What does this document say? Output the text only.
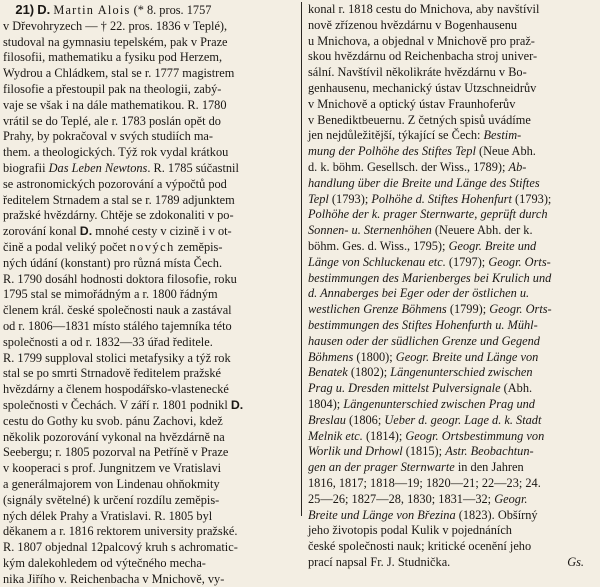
21) D. Martin Alois (* 8. pros. 1757
v Dřevohryzech — † 22. pros. 1836 v Teplé),
studoval na gymnasiu tepelském, pak v Praze
filosofii, mathematiku a fysiku pod Herzem,
Wydrou a Chládkem, stal se r. 1777 magistrem
filosofie a přestoupil pak na theologii, zabý-
vaje se však i na dále mathematikou. R. 1780
vrátil se do Teplé, ale r. 1783 poslán opět do
Prahy, by pokračoval v svých studiích ma-
them. a theologických. Týž rok vydal krátkou
biografii Das Leben Newtons. R. 1785 súčastnil
se astronomických pozorování a výpočtů pod
ředitelem Strnadem a stal se r. 1789 adjunktem
pražské hvězdárny. Chtěje se zdokonaliti v po-
zorování konal D. mnohé cesty v cizině i v ot-
čině a podal veliký počet nových zeměpis-
ných údání (konstant) pro různá místa Čech.
R. 1790 dosáhl hodnosti doktora filosofie, roku
1795 stal se mimořádným a r. 1800 řádným
členem král. české společnosti nauk a zastával
od r. 1806—1831 místo stálého tajemníka této
společnosti a od r. 1832—33 úřad ředitele.
R. 1799 supploval stolici metafysiky a týž rok
stal se po smrti Strnadově ředitelem pražské
hvězdárny a členem hospodářsko-vlastenecké
společnosti v Čechách. V září r. 1801 podnikl D.
cestu do Gothy ku svob. pánu Zachovi, kdež
několik pozorování vykonal na hvězdárně na
Seebergu; r. 1805 pozorval na Petříně v Praze
v kooperaci s prof. Jungnitzem ve Vratislavi
a generálmajorem von Lindenau ohňokmity
(signály světelné) k určení rozdílu zeměpis-
ných délek Prahy a Vratislavi. R. 1805 byl
děkanem a r. 1816 rektorem university pražské.
R. 1807 objednal 12palcový kruh s achromatic-
kým dalekohledem od výtečného mecha-
nika Jiřího v. Reichenbacha v Mnichově, vy-
konal r. 1818 cestu do Mnichova, aby navštívil
nově zřízenou hvězdárnu v Bogenhausenu
u Mnichova, a objednal v Mnichově pro praž-
skou hvězdárnu od Reichenbacha stroj univer-
sální. Navštívil několikráte hvězdárnu v Bo-
genhausenu, mechanický ústav Utzschneidrův
v Mnichově a optický ústav Fraunhoferův
v Benediktbeuernu. Z četných spisů uvádíme
jen nejdůležitější, týkající se Čech: Bestim-
mung der Polhöhe des Stiftes Tepl (Neue Abh.
d. k. böhm. Gesellsch. der Wiss., 1789); Ab-
handlung über die Breite und Länge des Stiftes
Tepl (1793); Polhöhe d. Stiftes Hohenfurt (1793);
Polhöhe der k. prager Sternwarte, geprüft durch
Sonnen- u. Sternenhöhen (Neuere Abh. der k.
böhm. Ges. d. Wiss., 1795); Geogr. Breite und
Länge von Schluckenau etc. (1797); Geogr. Orts-
bestimmungen des Marienberges bei Krulich und
d. Annaberges bei Eger oder der östlichen u.
westlichen Grenze Böhmens (1799); Geogr. Orts-
bestimmungen des Stiftes Hohenfurth u. Mühl-
hausen oder der südlichen Grenze und Gegend
Böhmens (1800); Geogr. Breite und Länge von
Benatek (1802); Längenunterschied zwischen
Prag u. Dresden mittelst Pulversignale (Abh.
1804); Längenunterschied zwischen Prag und
Breslau (1806; Ueber d. geogr. Lage d. k. Stadt
Melnik etc. (1814); Geogr. Ortsbestimmung von
Worlik und Drhowl (1815); Astr. Beobachtun-
gen an der prager Sternwarte in den Jahren
1816, 1817; 1818—19; 1820—21; 22—23; 24.
25—26; 1827—28, 1830; 1831—32; Geogr.
Breite und Länge von Březina (1823). Obšírný
jeho životopis podal Kulik v pojednáních
české společnosti nauk; kritické ocenění jeho
prací napsal Fr. J. Studnička.	Gs.
